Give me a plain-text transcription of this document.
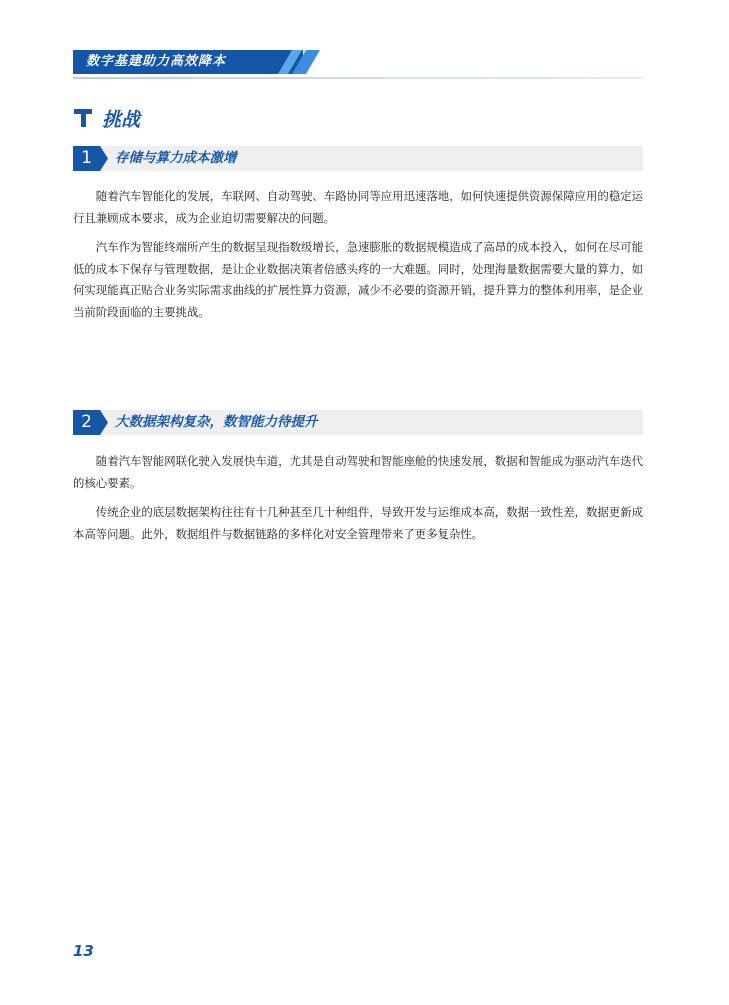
数字基建助力高效降本
挑战
1	存储与算力成本激增

随着汽车智能化的发展，车联网、自动驾驶、车路协同等应用迅速落地，如何快速提供资源保障应用的稳定运行且兼顾成本要求，成为企业迫切需要解决的问题。

汽车作为智能终端所产生的数据呈现指数级增长，急速膨胀的数据规模造成了高昂的成本投入，如何在尽可能低的成本下保存与管理数据，是让企业数据决策者倍感头疼的一大难题。同时，处理海量数据需要大量的算力，如何实现能真正贴合业务实际需求曲线的扩展性算力资源，减少不必要的资源开销，提升算力的整体利用率，是企业当前阶段面临的主要挑战。

2	大数据架构复杂，数智能力待提升

随着汽车智能网联化驶入发展快车道，尤其是自动驾驶和智能座舱的快速发展，数据和智能成为驱动汽车迭代的核心要素。

传统企业的底层数据架构往往有十几种甚至几十种组件，导致开发与运维成本高，数据一致性差，数据更新成本高等问题。此外，数据组件与数据链路的多样化对安全管理带来了更多复杂性。

13
